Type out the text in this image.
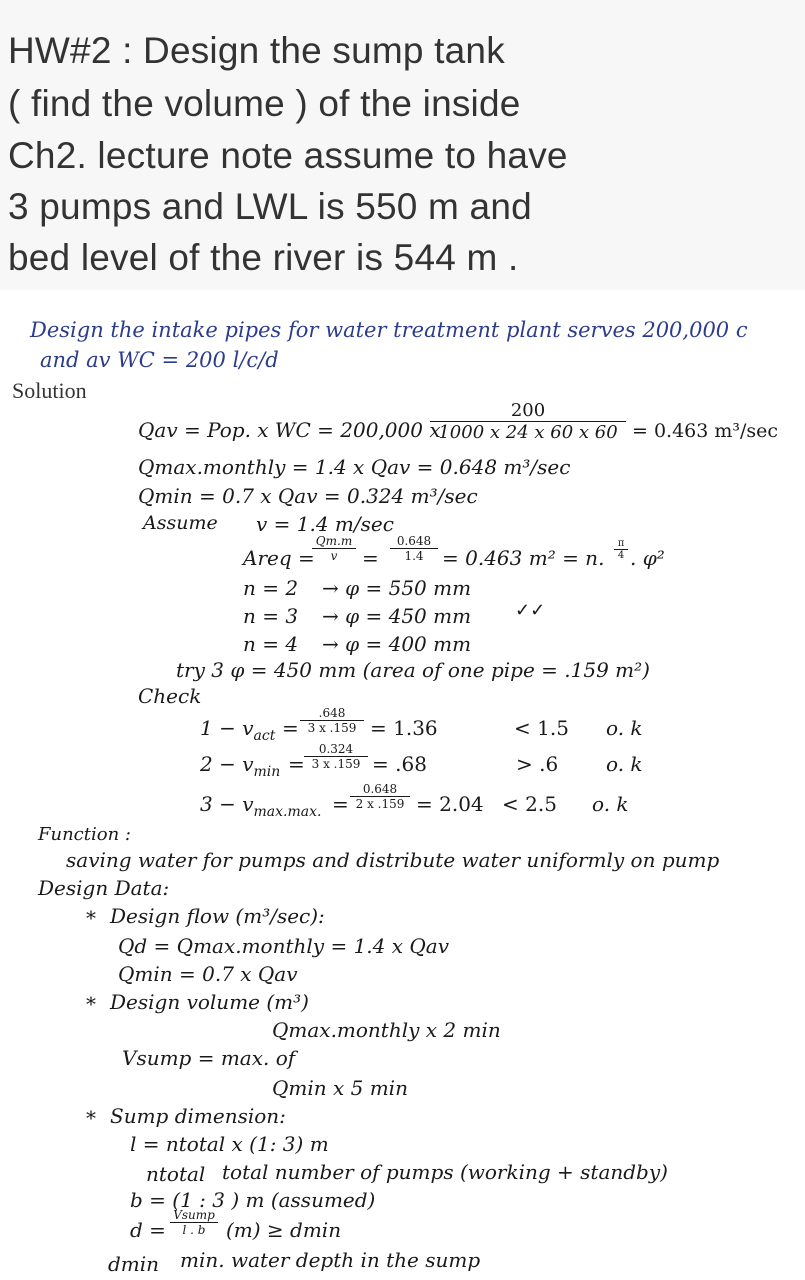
HW#2 : Design the sump tank
( find the volume ) of the inside
Ch2. lecture note assume to have
3 pumps and LWL is 550 m and
bed level of the river is 544 m .
Design the intake pipes for water treatment plant serves 200,000 c
and av WC = 200 l/c/d
Solution
Qav = Pop. x WC = 200,000 x
$\frac{200}{1000 x 24 x 60 x 60} = 0.463$ m³/sec
Qmax.monthly = 1.4 x Qav = 0.648 m³/sec
Qmin = 0.7 x Qav = 0.324 m³/sec
Assume v = 1.4 m/sec
Areq =
$\frac{Qm.m}{v} = \frac{0.648}{1.4} = 0.463$ m² = n. $\frac{\pi}{4}$ . φ²
n = 2 → φ = 550 mm
n = 3 → φ = 450 mm ✓✓
n = 4 → φ = 400 mm
try 3 φ = 450 mm (area of one pipe = .159 m²)
Check
$1 - v_{act} = \frac{.648}{3 x .159} = 1.36$	< 1.5 o. k
$2 - v_{min} = \frac{0.324}{3 x .159} = .68$	> .6 o. k
$3 - v_{max.max.} = \frac{0.648}{2 x .159} = 2.04 < 2.5$ o. k
Function :
saving water for pumps and distribute water uniformly on pump
Design Data:
* Design flow (m³/sec):
Qd = Qmax.monthly = 1.4 x Qav
Qmin = 0.7 x Qav
* Design volume (m³)
Qmax.monthly x 2 min
Vsump = max. of
Qmin x 5 min
* Sump dimension:
l = ntotal x (1: 3) m
ntotal total number of pumps (working + standby)
b = (1 : 3 ) m (assumed)
d =
Vsump
l . b	(m) ≥ dmin
dmin min. water depth in the sump
